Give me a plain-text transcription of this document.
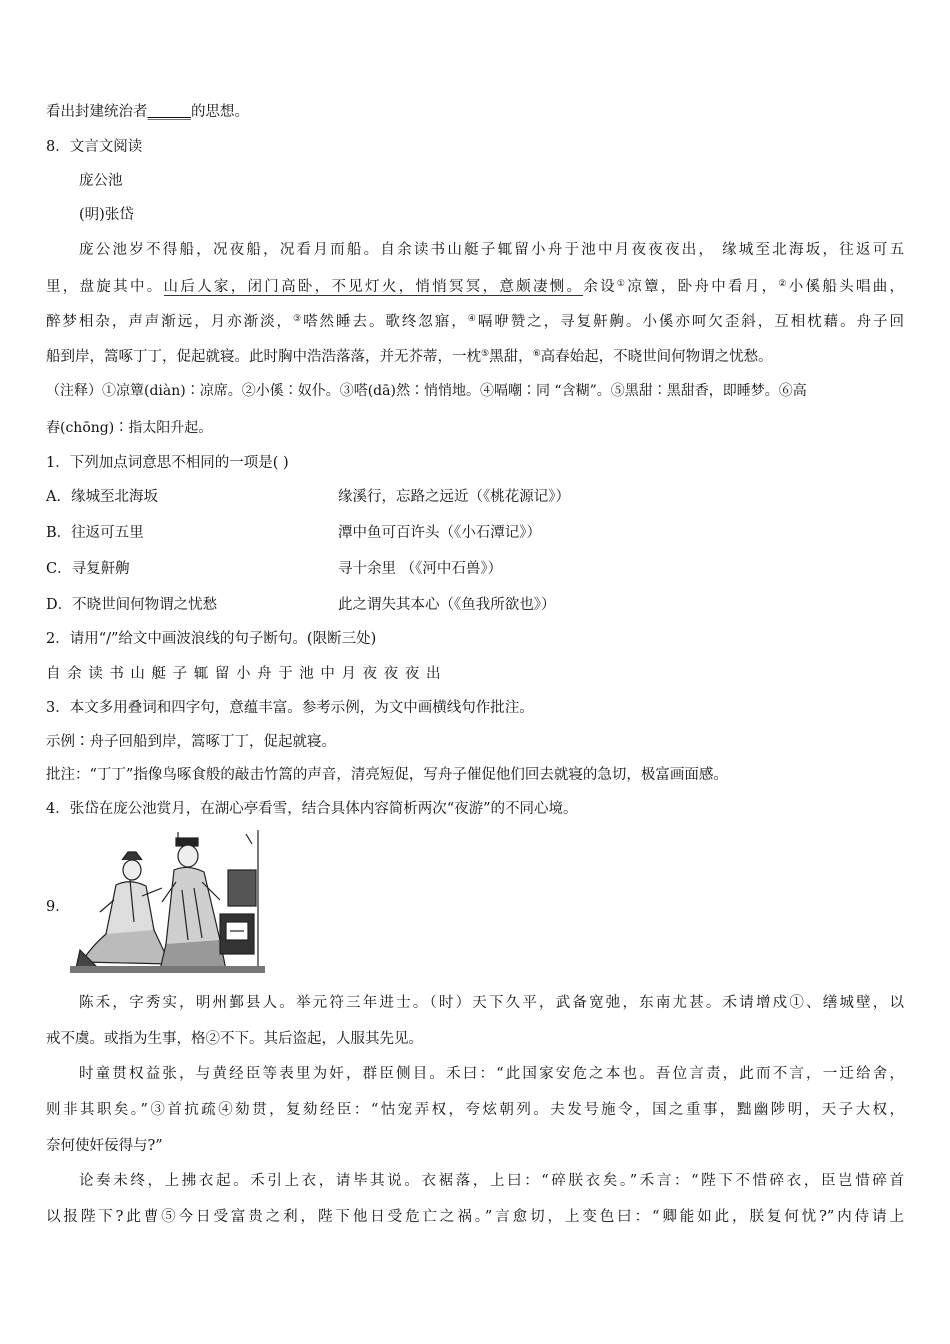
看出封建统治者______的思想。
8．文言文阅读
庞公池
(明)张岱
庞公池岁不得船，况夜船，况看月而船。自余读书山艇子辄留小舟于池中月夜夜夜出， 缘城至北海坂，往返可五
里，盘旋其中。山后人家，闭门高卧，不见灯火，悄悄冥冥，意颇凄恻。余设①凉簟，卧舟中看月，②小傒船头唱曲，
醉梦相杂，声声渐远，月亦渐淡，③嗒然睡去。歌终忽寤，④嗝咿赞之，寻复鼾齁。小傒亦呵欠歪斜，互相枕藉。舟子回
船到岸，篙啄丁丁，促起就寝。此时胸中浩浩落落，并无芥蒂，一枕⑤黑甜，⑥高春始起，不晓世间何物谓之忧愁。
（注释）①凉簟(diàn)∶凉席。②小傒∶奴仆。③嗒(dā)然∶悄悄地。④嗝嘲∶同 “含糊”。⑤黑甜∶黑甜香，即睡梦。⑥高
舂(chōng)∶指太阳升起。
1．下列加点词意思不相同的一项是( )
A．缘城至北海坂	缘溪行，忘路之远近（《桃花源记》）
B．往返可五里	潭中鱼可百许头（《小石潭记》）
C．寻复鼾齁	寻十余里 （《河中石兽》）
D．不晓世间何物谓之忧愁	此之谓失其本心（《鱼我所欲也》）
2．请用“/”给文中画波浪线的句子断句。(限断三处)
自 余 读 书 山 艇 子 辄 留 小 舟 于 池 中 月 夜 夜 夜 出
3．本文多用叠词和四字句，意蕴丰富。参考示例，为文中画横线句作批注。
示例∶舟子回船到岸，篙啄丁丁，促起就寝。
批注：“丁丁”指像鸟啄食般的敲击竹篙的声音，清亮短促，写舟子催促他们回去就寝的急切，极富画面感。
4．张岱在庞公池赏月，在湖心亭看雪，结合具体内容简析两次“夜游”的不同心境。
9．
陈禾，字秀实，明州鄞县人。举元符三年进士。（时）天下久平，武备宽弛，东南尤甚。禾请增戍①、缮城壁，以
戒不虞。或指为生事，格②不下。其后盗起，人服其先见。
时童贯权益张，与黄经臣等表里为奸，群臣侧目。禾曰：“此国家安危之本也。吾位言责，此而不言，一迁给舍，
则非其职矣。”③首抗疏④劾贯，复劾经臣：“怙宠弄权，夸炫朝列。夫发号施令，国之重事，黜幽陟明，天子大权，
奈何使奸佞得与?”
论奏未终，上拂衣起。禾引上衣，请毕其说。衣裾落，上曰：“碎朕衣矣。”禾言：“陛下不惜碎衣，臣岂惜碎首
以报陛下?此曹⑤今日受富贵之利，陛下他日受危亡之祸。”言愈切，上变色曰：“卿能如此，朕复何忧?”内侍请上
